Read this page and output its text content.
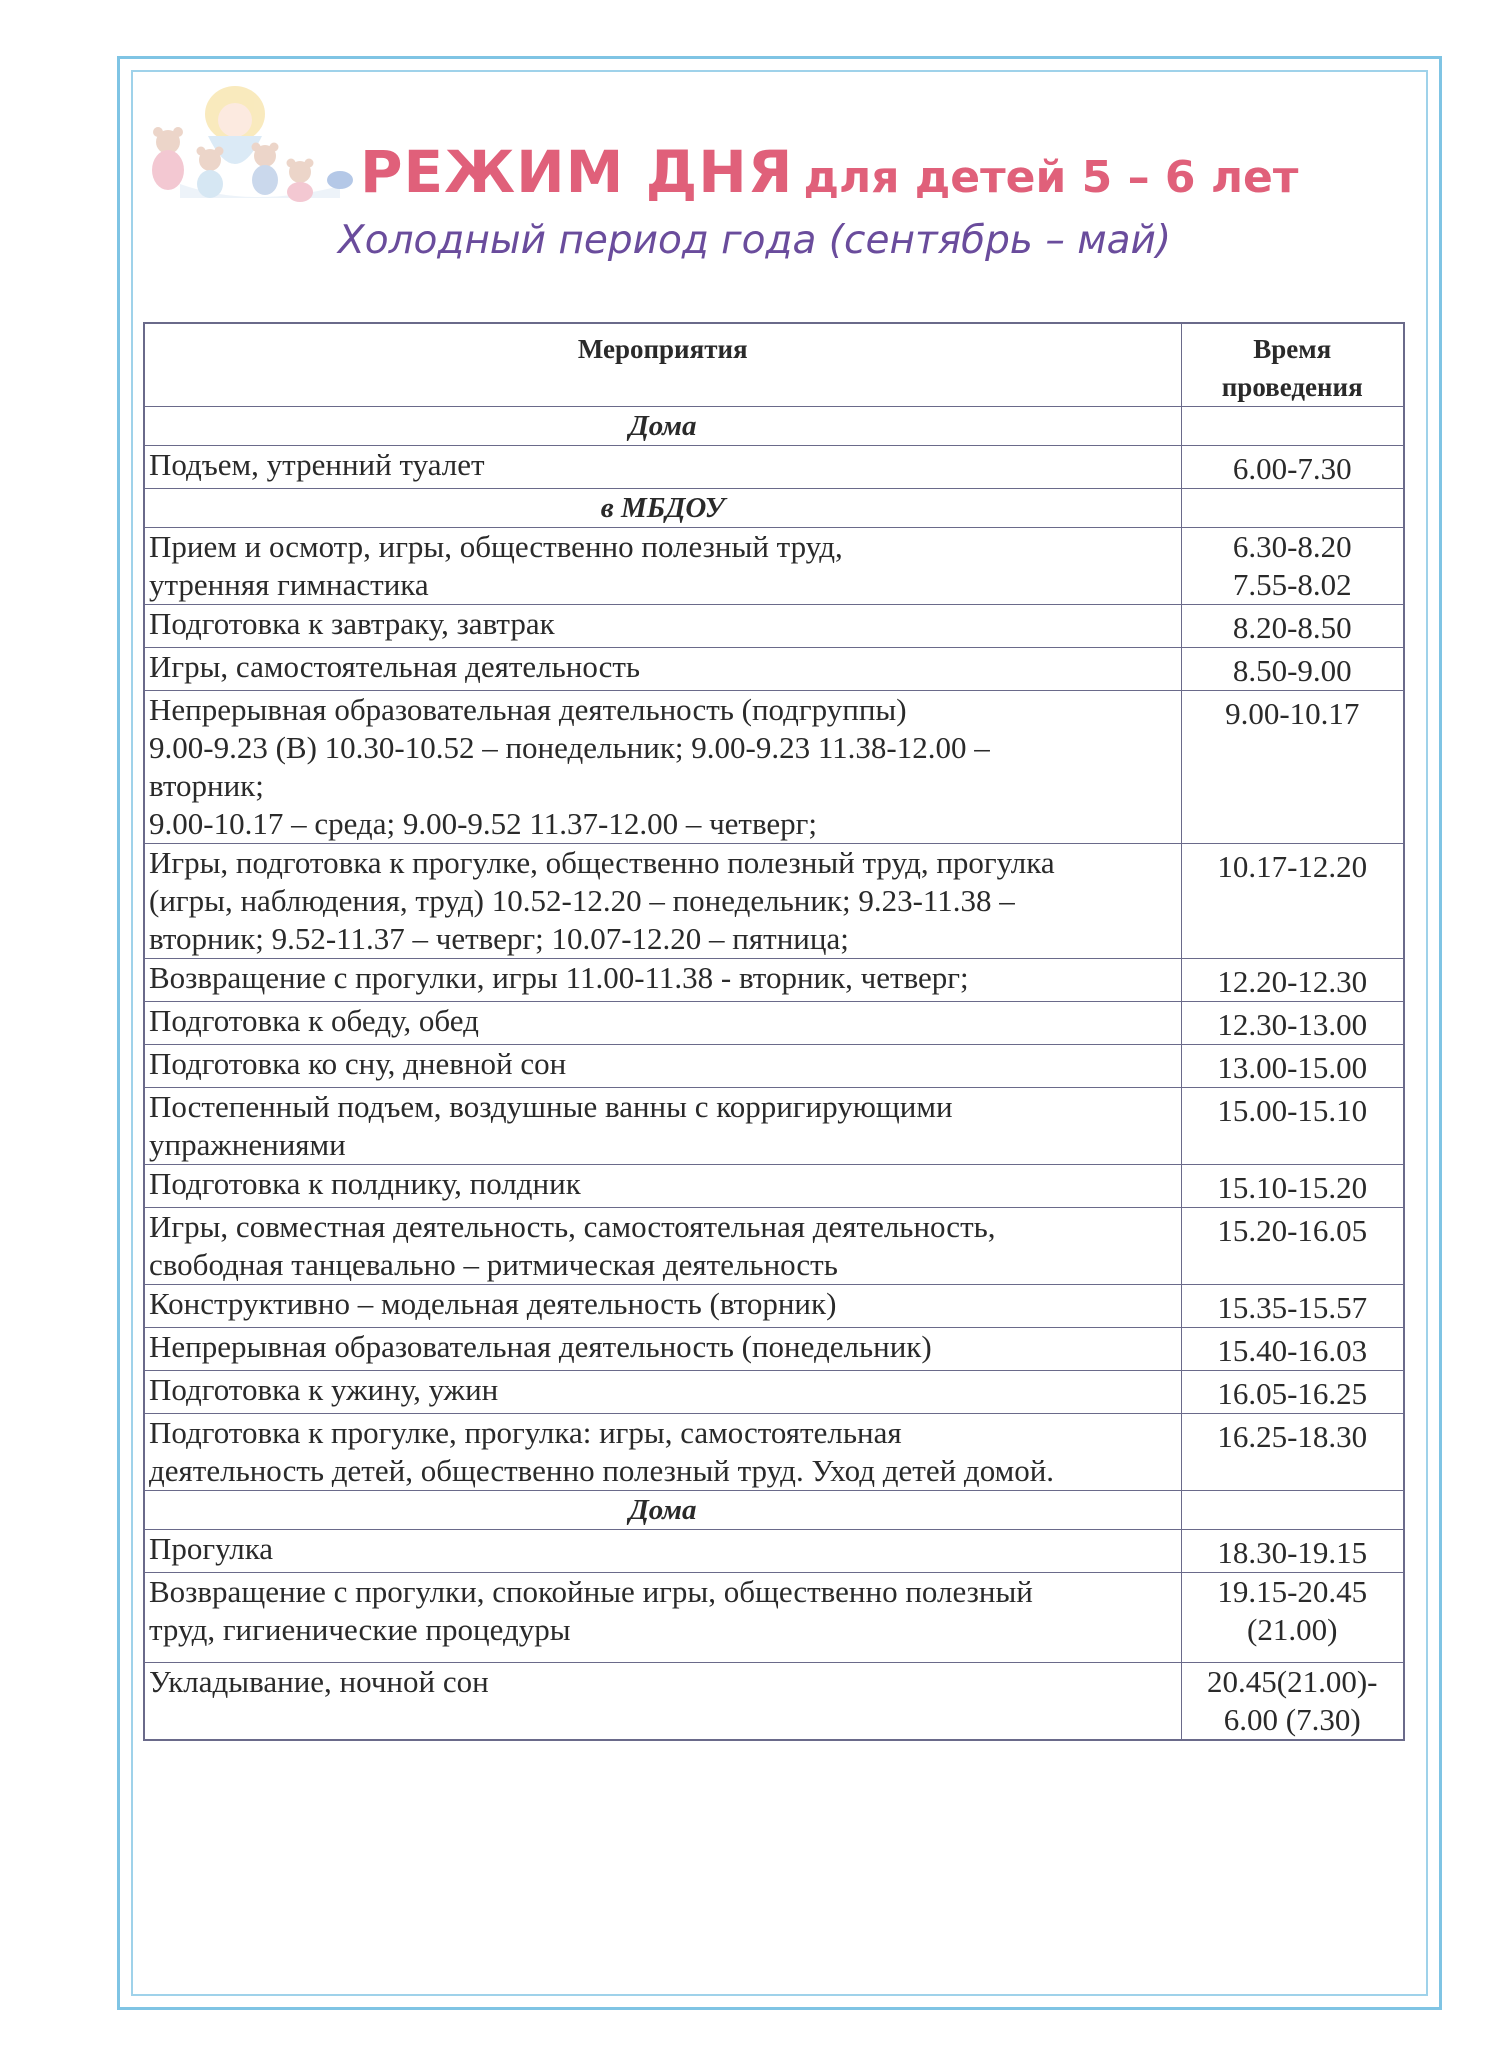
РЕЖИМ ДНЯ для детей 5 – 6 лет
Холодный период года (сентябрь – май)
Мероприятия	Время проведения

Дома	

Подъем, утренний туалет	6.00-7.30

в МБДОУ	

Прием и осмотр, игры, общественно полезный труд,
утренняя гимнастика	6.30-8.20
7.55-8.02

Подготовка к завтраку, завтрак	8.20-8.50

Игры, самостоятельная деятельность	8.50-9.00

Непрерывная образовательная деятельность (подгруппы)
9.00-9.23 (В) 10.30-10.52 – понедельник; 9.00-9.23 11.38-12.00 –
вторник;
9.00-10.17 – среда; 9.00-9.52 11.37-12.00 – четверг;	9.00-10.17

Игры, подготовка к прогулке, общественно полезный труд, прогулка
(игры, наблюдения, труд) 10.52-12.20 – понедельник; 9.23-11.38 –
вторник; 9.52-11.37 – четверг; 10.07-12.20 – пятница;	10.17-12.20

Возвращение с прогулки, игры 11.00-11.38 - вторник, четверг;	12.20-12.30

Подготовка к обеду, обед	12.30-13.00

Подготовка ко сну, дневной сон	13.00-15.00

Постепенный подъем, воздушные ванны с корригирующими
упражнениями	15.00-15.10

Подготовка к полднику, полдник	15.10-15.20

Игры, совместная деятельность, самостоятельная деятельность,
свободная танцевально – ритмическая деятельность	15.20-16.05

Конструктивно – модельная деятельность (вторник)	15.35-15.57

Непрерывная образовательная деятельность (понедельник)	15.40-16.03

Подготовка к ужину, ужин	16.05-16.25

Подготовка к прогулке, прогулка: игры, самостоятельная
деятельность детей, общественно полезный труд. Уход детей домой.	16.25-18.30

Дома	

Прогулка	18.30-19.15

Возвращение с прогулки, спокойные игры, общественно полезный
труд, гигиенические процедуры	19.15-20.45
(21.00)

Укладывание, ночной сон	20.45(21.00)-
6.00 (7.30)
